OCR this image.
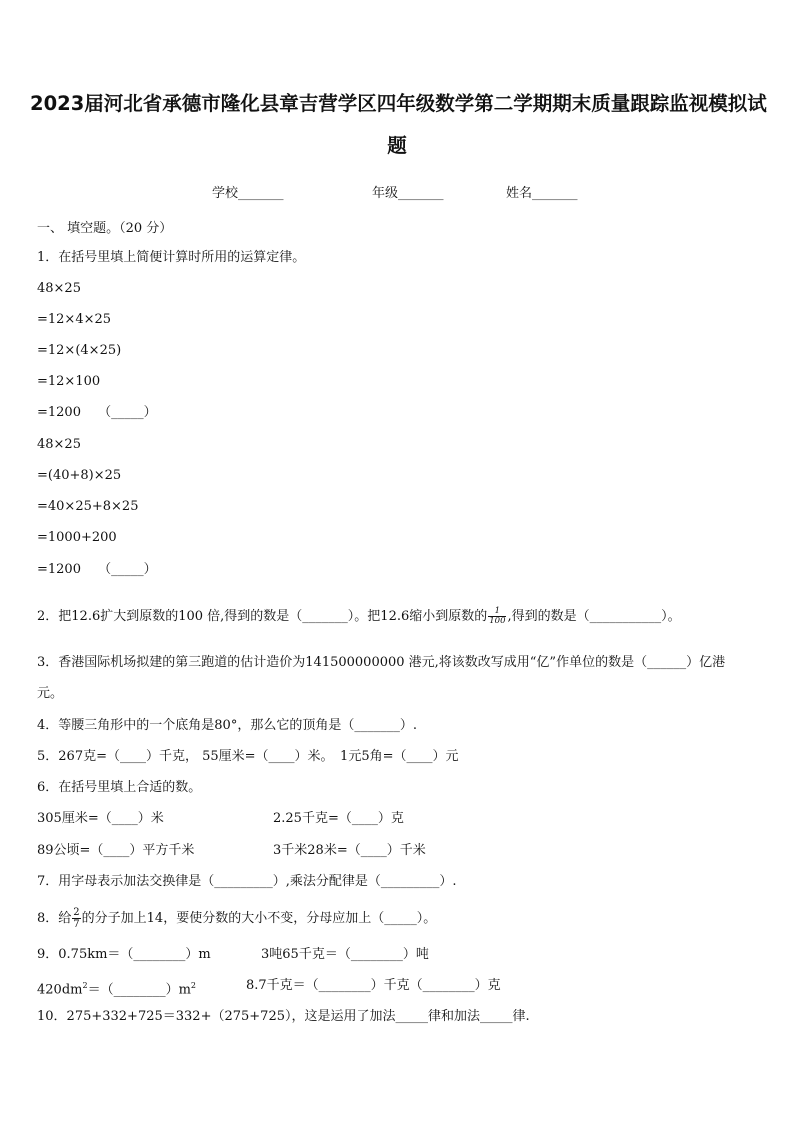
2023届河北省承德市隆化县章吉营学区四年级数学第二学期期末质量跟踪监视模拟试
题
学校_______	年级_______	姓名_______
一、 填空题。（20 分）
1．在括号里填上简便计算时所用的运算定律。
48×25
=12×4×25
=12×(4×25)
=12×100
=1200　 （_____）
48×25
=(40+8)×25
=40×25+8×25
=1000+200
=1200　 （_____）
2．把12.6扩大到原数的100 倍,得到的数是（_______）。把12.6缩小到原数的 $\frac{1}{100}$ ,得到的数是（___________）。
3．香港国际机场拟建的第三跑道的估计造价为141500000000 港元,将该数改写成用“亿”作单位的数是（______）亿港
元。
4．等腰三角形中的一个底角是80°，那么它的顶角是（_______）.
5．267克=（____）千克， 55厘米=（____）米。　1元5角=（____）元
6．在括号里填上合适的数。
305厘米=（____）米	2.25千克=（____）克
89公顷=（____）平方千米	3千米28米=（____）千米
7．用字母表示加法交换律是（_________）,乘法分配律是（_________）.
8．给 $\frac{2}{7}$ 的分子加上14，要使分数的大小不变，分母应加上（_____）。
9．0.75km＝（________）m	3吨65千克＝（________）吨
$420dm^2=(\_\_\_\_\_\_\_\_)m^2$	8.7千克＝（________）千克（________）克
10．275+332+725＝332+（275+725），这是运用了加法_____律和加法_____律.
